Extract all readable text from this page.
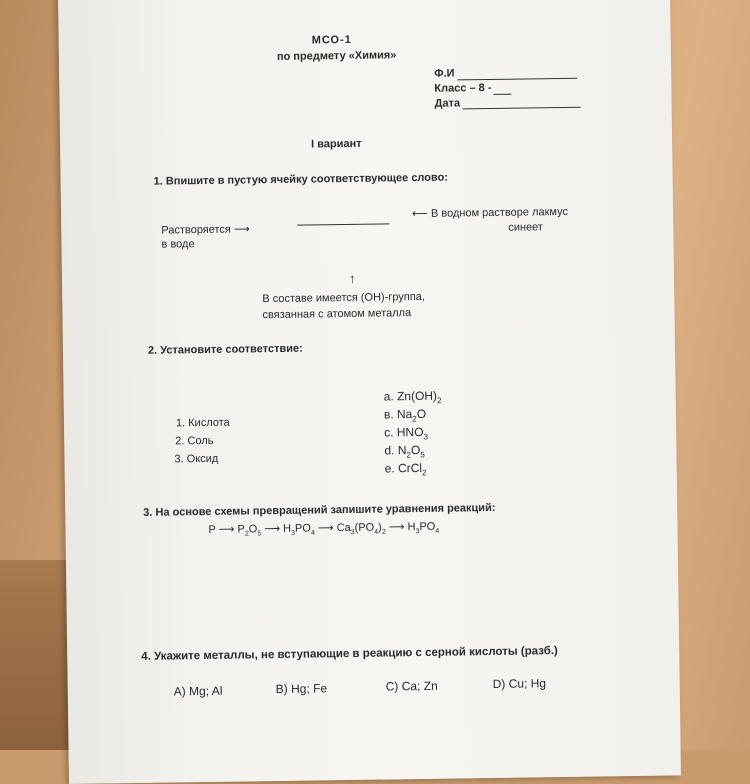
МСО-1
по предмету «Химия»
Ф.И
Класс – 8 -
Дата
I вариант
1. Впишите в пустую ячейку соответствующее слово:
Растворяется ⟶
в воде
⟵ В водном растворе лакмус
синеет
↑
В составе имеется (ОН)-группа,
связанная с атомом металла
2. Установите соответствие:
1. Кислота
2. Соль
3. Оксид
а. $Zn(OH)_2$
в. $Na_2O$
с. $HNO_3$
d. $N_2O_5$
е. CrCl$_2$
3. На основе схемы превращений запишите уравнения реакций:
P ⟶ $P_2O_5$ ⟶ $H_3PO_4$ ⟶ $Ca_3(PO_4)_2$ ⟶ $H_3PO_4$
4. Укажите металлы, не вступающие в реакцию с серной кислоты (разб.)
A) Mg; Al	B) Hg; Fe	C) Ca; Zn	D) Cu; Hg
